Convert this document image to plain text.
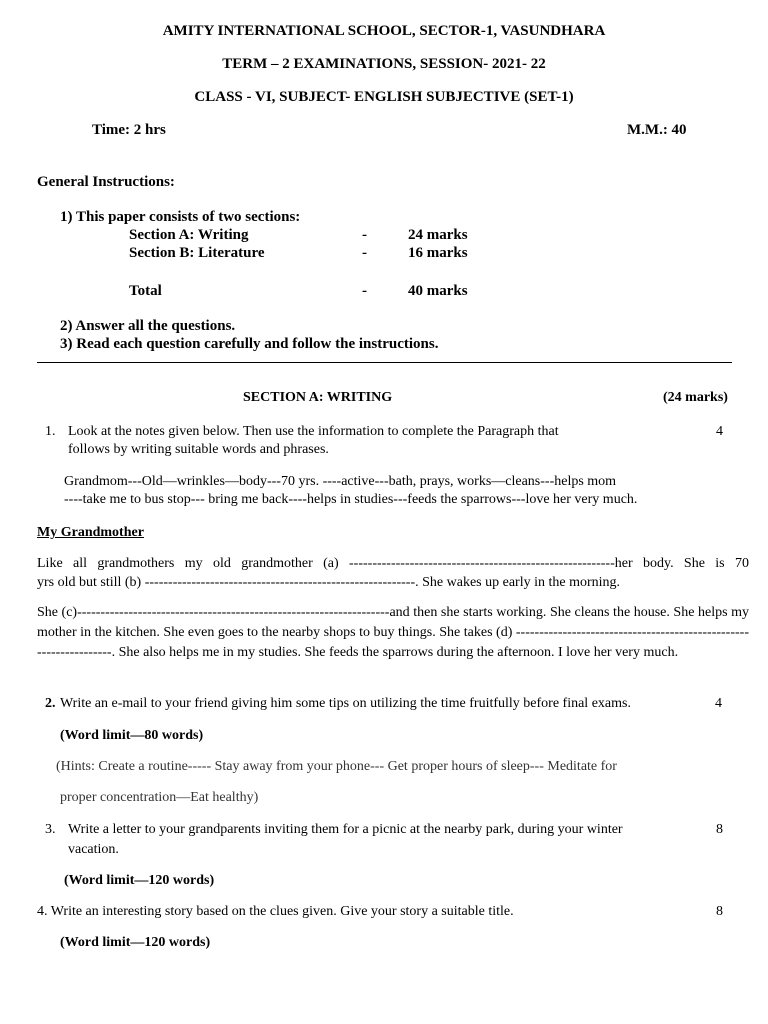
AMITY INTERNATIONAL SCHOOL, SECTOR-1, VASUNDHARA
TERM – 2 EXAMINATIONS, SESSION- 2021- 22
CLASS - VI, SUBJECT- ENGLISH SUBJECTIVE (SET-1)
Time: 2 hrs	M.M.: 40
General Instructions:
1) This paper consists of two sections:
Section A: Writing	-	24 marks
Section B: Literature	-	16 marks
Total	-	40 marks
2) Answer all the questions.
3) Read each question carefully and follow the instructions.
SECTION A: WRITING	(24 marks)
1. Look at the notes given below. Then use the information to complete the Paragraph that
follows by writing suitable words and phrases.
4
Grandmom---Old—wrinkles—body---70 yrs. ----active---bath, prays, works—cleans---helps mom
----take me to bus stop--- bring me back----helps in studies---feeds the sparrows---love her very much.
My Grandmother
Like all grandmothers my old grandmother (a) ---------------------------------------------------------her body. She is 70
yrs old but still (b) ----------------------------------------------------------. She wakes up early in the morning.
She (c)-------------------------------------------------------------------and then she starts working. She cleans the house. She helps my mother in the kitchen. She even goes to the nearby shops to buy things. She takes (d) ------------------------------------------------------------------. She also helps me in my studies. She feeds the sparrows during the afternoon. I love her very much.
2. Write an e-mail to your friend giving him some tips on utilizing the time fruitfully before final exams.	4
(Word limit—80 words)
(Hints: Create a routine----- Stay away from your phone--- Get proper hours of sleep--- Meditate for
proper concentration—Eat healthy)
3. Write a letter to your grandparents inviting them for a picnic at the nearby park, during your winter
vacation.
8
(Word limit—120 words)
4. Write an interesting story based on the clues given. Give your story a suitable title.	8
(Word limit—120 words)
